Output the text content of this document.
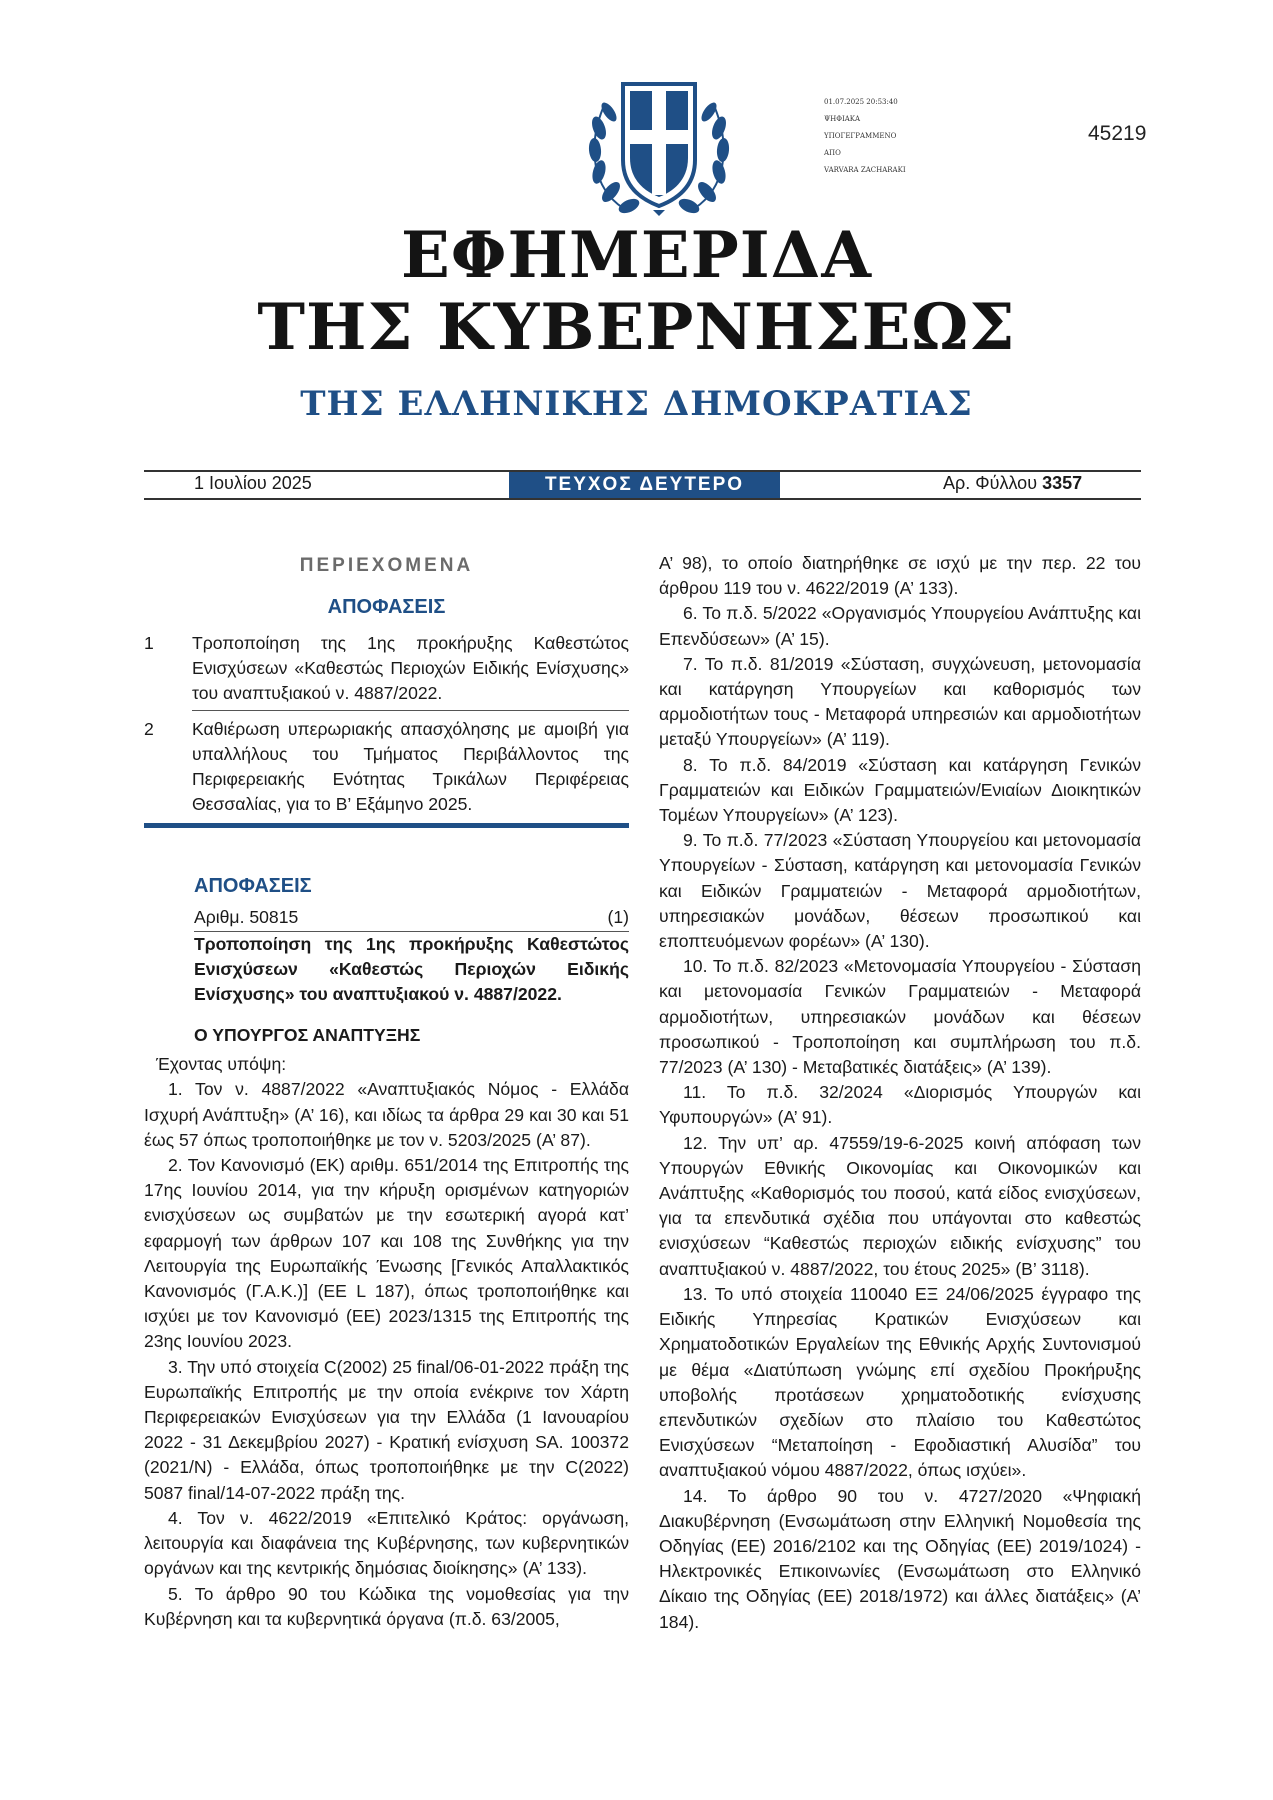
01.07.2025 20:53:40
ΨΗΦΙΑΚΑ
ΥΠΟΓΕΓΡΑΜΜΕΝΟ
ΑΠΟ
VARVARA ZACHARAKI
45219
ΕΦΗΜΕΡΙΔΑ
ΤΗΣ ΚΥΒΕΡΝΗΣΕΩΣ
ΤΗΣ ΕΛΛΗΝΙΚΗΣ ΔΗΜΟΚΡΑΤΙΑΣ
1 Ιουλίου 2025	ΤΕΥΧΟΣ ΔΕΥΤΕΡΟ	Αρ. Φύλλου 3357
ΠΕΡΙΕΧΟΜΕΝΑ
ΑΠΟΦΑΣΕΙΣ
1	Τροποποίηση της 1ης προκήρυξης Καθεστώτος Ενισχύσεων «Καθεστώς Περιοχών Ειδικής Ενίσχυσης» του αναπτυξιακού ν. 4887/2022.
2	Καθιέρωση υπερωριακής απασχόλησης με αμοιβή για υπαλλήλους του Τμήματος Περιβάλλοντος της Περιφερειακής Ενότητας Τρικάλων Περιφέρειας Θεσσαλίας, για το Β’ Εξάμηνο 2025.
ΑΠΟΦΑΣΕΙΣ
Αριθμ. 50815	(1)
Τροποποίηση της 1ης προκήρυξης Καθεστώτος Ενισχύσεων «Καθεστώς Περιοχών Ειδικής Ενίσχυσης» του αναπτυξιακού ν. 4887/2022.
Ο ΥΠΟΥΡΓΟΣ ΑΝΑΠΤΥΞΗΣ

Έχοντας υπόψη:

1. Τον ν. 4887/2022 «Αναπτυξιακός Νόμος - Ελλάδα Ισχυρή Ανάπτυξη» (Α’ 16), και ιδίως τα άρθρα 29 και 30 και 51 έως 57 όπως τροποποιήθηκε με τον ν. 5203/2025 (Α’ 87).

2. Τον Κανονισμό (ΕΚ) αριθμ. 651/2014 της Επιτροπής της 17ης Ιουνίου 2014, για την κήρυξη ορισμένων κατηγοριών ενισχύσεων ως συμβατών με την εσωτερική αγορά κατ’ εφαρμογή των άρθρων 107 και 108 της Συνθήκης για την Λειτουργία της Ευρωπαϊκής Ένωσης [Γενικός Απαλλακτικός Κανονισμός (Γ.Α.Κ.)] (ΕΕ L 187), όπως τροποποιήθηκε και ισχύει με τον Κανονισμό (ΕΕ) 2023/1315 της Επιτροπής της 23ης Ιουνίου 2023.

3. Την υπό στοιχεία C(2002) 25 final/06-01-2022 πράξη της Ευρωπαϊκής Επιτροπής με την οποία ενέκρινε τον Χάρτη Περιφερειακών Ενισχύσεων για την Ελλάδα (1 Ιανουαρίου 2022 - 31 Δεκεμβρίου 2027) - Κρατική ενίσχυση SA. 100372 (2021/N) - Ελλάδα, όπως τροποποιήθηκε με την C(2022) 5087 final/14-07-2022 πράξη της.

4. Τον ν. 4622/2019 «Επιτελικό Κράτος: οργάνωση, λειτουργία και διαφάνεια της Κυβέρνησης, των κυβερνητικών οργάνων και της κεντρικής δημόσιας διοίκησης» (Α’ 133).

5. Το άρθρο 90 του Κώδικα της νομοθεσίας για την Κυβέρνηση και τα κυβερνητικά όργανα (π.δ. 63/2005,

Α’ 98), το οποίο διατηρήθηκε σε ισχύ με την περ. 22 του άρθρου 119 του ν. 4622/2019 (Α’ 133).

6. Το π.δ. 5/2022 «Οργανισμός Υπουργείου Ανάπτυξης και Επενδύσεων» (Α’ 15).

7. Το π.δ. 81/2019 «Σύσταση, συγχώνευση, μετονομασία και κατάργηση Υπουργείων και καθορισμός των αρμοδιοτήτων τους - Μεταφορά υπηρεσιών και αρμοδιοτήτων μεταξύ Υπουργείων» (Α’ 119).

8. Το π.δ. 84/2019 «Σύσταση και κατάργηση Γενικών Γραμματειών και Ειδικών Γραμματειών/Ενιαίων Διοικητικών Τομέων Υπουργείων» (Α’ 123).

9. Το π.δ. 77/2023 «Σύσταση Υπουργείου και μετονομασία Υπουργείων - Σύσταση, κατάργηση και μετονομασία Γενικών και Ειδικών Γραμματειών - Μεταφορά αρμοδιοτήτων, υπηρεσιακών μονάδων, θέσεων προσωπικού και εποπτευόμενων φορέων» (Α’ 130).

10. Το π.δ. 82/2023 «Μετονομασία Υπουργείου - Σύσταση και μετονομασία Γενικών Γραμματειών - Μεταφορά αρμοδιοτήτων, υπηρεσιακών μονάδων και θέσεων προσωπικού - Τροποποίηση και συμπλήρωση του π.δ. 77/2023 (Α’ 130) - Μεταβατικές διατάξεις» (Α’ 139).

11. Το π.δ. 32/2024 «Διορισμός Υπουργών και Υφυπουργών» (Α’ 91).

12. Την υπ’ αρ. 47559/19-6-2025 κοινή απόφαση των Υπουργών Εθνικής Οικονομίας και Οικονομικών και Ανάπτυξης «Καθορισμός του ποσού, κατά είδος ενισχύσεων, για τα επενδυτικά σχέδια που υπάγονται στο καθεστώς ενισχύσεων “Καθεστώς περιοχών ειδικής ενίσχυσης” του αναπτυξιακού ν. 4887/2022, του έτους 2025» (Β’ 3118).

13. Το υπό στοιχεία 110040 ΕΞ 24/06/2025 έγγραφο της Ειδικής Υπηρεσίας Κρατικών Ενισχύσεων και Χρηματοδοτικών Εργαλείων της Εθνικής Αρχής Συντονισμού με θέμα «Διατύπωση γνώμης επί σχεδίου Προκήρυξης υποβολής προτάσεων χρηματοδοτικής ενίσχυσης επενδυτικών σχεδίων στο πλαίσιο του Καθεστώτος Ενισχύσεων “Μεταποίηση - Εφοδιαστική Αλυσίδα” του αναπτυξιακού νόμου 4887/2022, όπως ισχύει».

14. Το άρθρο 90 του ν. 4727/2020 «Ψηφιακή Διακυβέρνηση (Ενσωμάτωση στην Ελληνική Νομοθεσία της Οδηγίας (ΕΕ) 2016/2102 και της Οδηγίας (ΕΕ) 2019/1024) - Ηλεκτρονικές Επικοινωνίες (Ενσωμάτωση στο Ελληνικό Δίκαιο της Οδηγίας (ΕΕ) 2018/1972) και άλλες διατάξεις» (Α’ 184).
